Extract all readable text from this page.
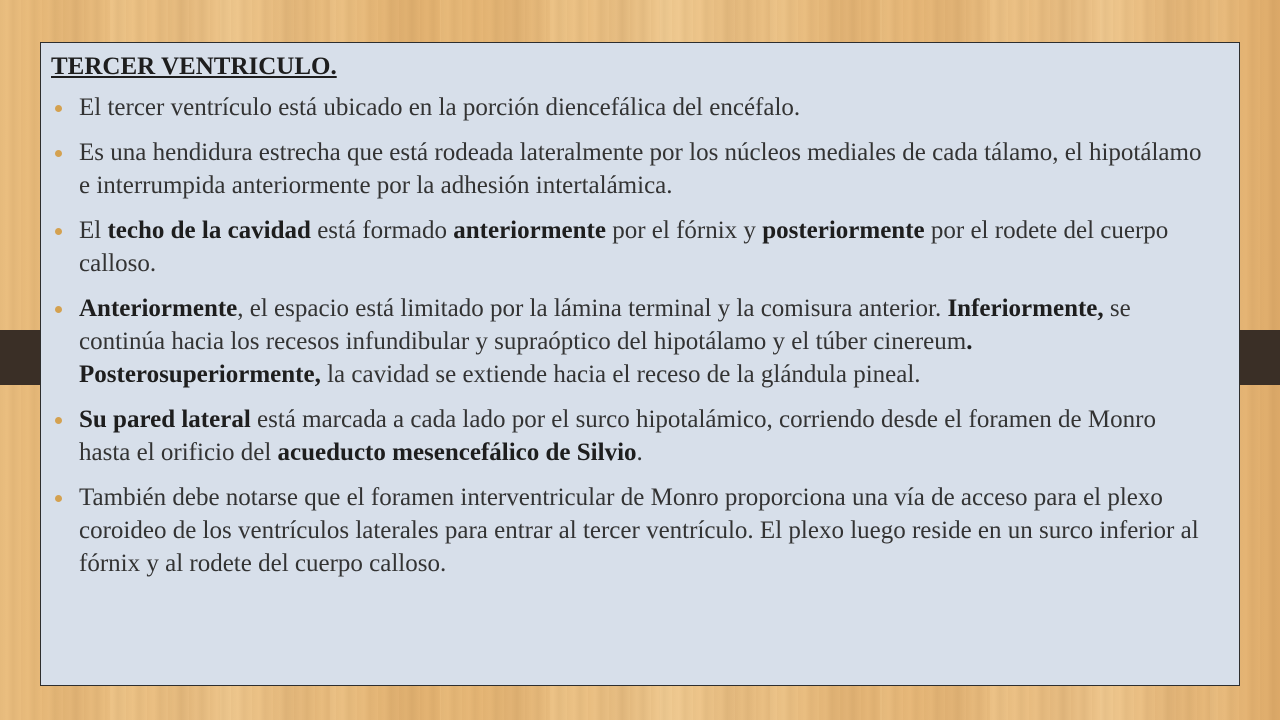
TERCER VENTRICULO.
El tercer ventrículo está ubicado en la porción diencefálica del encéfalo.
Es una hendidura estrecha que está rodeada lateralmente por los núcleos mediales de cada tálamo, el hipotálamo e interrumpida anteriormente por la adhesión intertalámica.
El techo de la cavidad está formado anteriormente por el fórnix y posteriormente por el rodete del cuerpo calloso.
Anteriormente, el espacio está limitado por la lámina terminal y la comisura anterior. Inferiormente, se continúa hacia los recesos infundibular y supraóptico del hipotálamo y el túber cinereum. Posterosuperiormente, la cavidad se extiende hacia el receso de la glándula pineal.
Su pared lateral está marcada a cada lado por el surco hipotalámico, corriendo desde el foramen de Monro hasta el orificio del acueducto mesencefálico de Silvio.
También debe notarse que el foramen interventricular de Monro proporciona una vía de acceso para el plexo coroideo de los ventrículos laterales para entrar al tercer ventrículo. El plexo luego reside en un surco inferior al fórnix y al rodete del cuerpo calloso.
